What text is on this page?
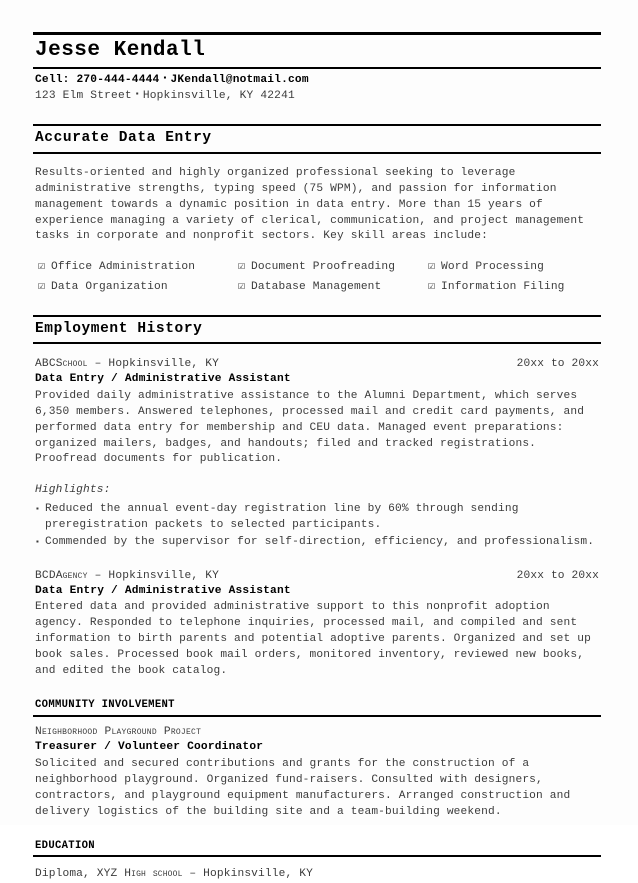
Jesse Kendall
Cell: 270-444-4444 ▪ JKendall@notmail.com
123 Elm Street ▪ Hopkinsville, KY 42241
Accurate Data Entry
Results-oriented and highly organized professional seeking to leverage administrative strengths, typing speed (75 WPM), and passion for information management towards a dynamic position in data entry. More than 15 years of experience managing a variety of clerical, communication, and project management tasks in corporate and nonprofit sectors. Key skill areas include:
☑ Office Administration	☑ Document Proofreading	☑ Word Processing
☑ Data Organization	☑ Database Management	☑ Information Filing
Employment History
ABCSchool – Hopkinsville, KY	20xx to 20xx
Data Entry / Administrative Assistant
Provided daily administrative assistance to the Alumni Department, which serves 6,350 members. Answered telephones, processed mail and credit card payments, and performed data entry for membership and CEU data. Managed event preparations: organized mailers, badges, and handouts; filed and tracked registrations. Proofread documents for publication.
Highlights:
▪ Reduced the annual event-day registration line by 60% through sending preregistration packets to selected participants.
▪ Commended by the supervisor for self-direction, efficiency, and professionalism.
BCDAgency – Hopkinsville, KY	20xx to 20xx
Data Entry / Administrative Assistant
Entered data and provided administrative support to this nonprofit adoption agency. Responded to telephone inquiries, processed mail, and compiled and sent information to birth parents and potential adoptive parents. Organized and set up book sales. Processed book mail orders, monitored inventory, reviewed new books, and edited the book catalog.
COMMUNITY INVOLVEMENT
Neighborhood Playground Project
Treasurer / Volunteer Coordinator
Solicited and secured contributions and grants for the construction of a neighborhood playground. Organized fund-raisers. Consulted with designers, contractors, and playground equipment manufacturers. Arranged construction and delivery logistics of the building site and a team-building weekend.
EDUCATION
Diploma, XYZ High school – Hopkinsville, KY
